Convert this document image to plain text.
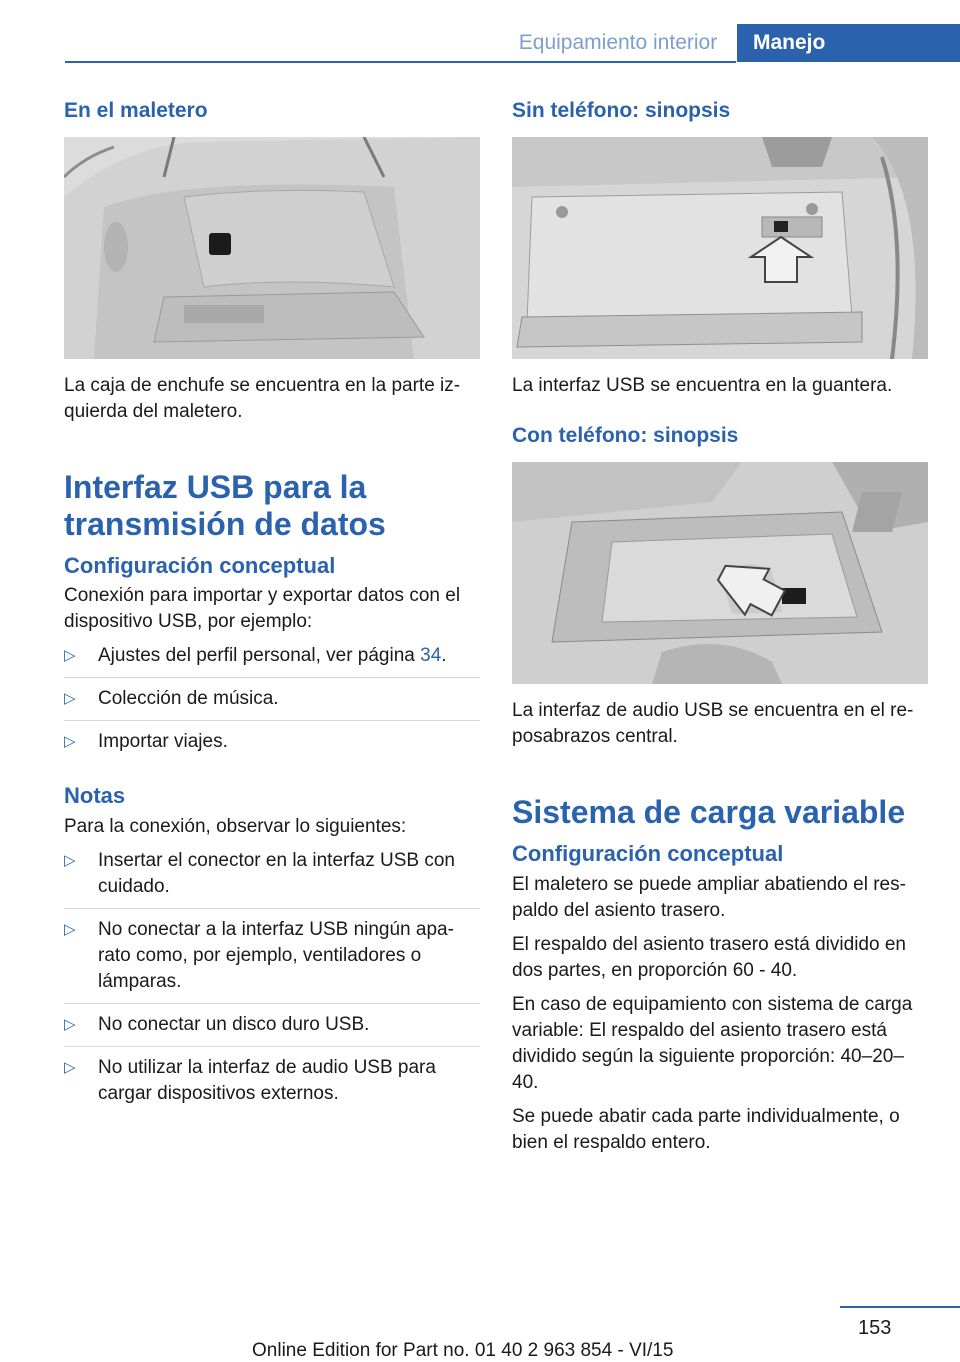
Equipamiento interior	Manejo
En el maletero

La caja de enchufe se encuentra en la parte iz-quierda del maletero.

Interfaz USB para la transmisión de datos
Configuración conceptual

Conexión para importar y exportar datos con el dispositivo USB, por ejemplo:

▷ Ajustes del perfil personal, ver página 34.
▷ Colección de música.
▷ Importar viajes.
Notas

Para la conexión, observar lo siguientes:

▷ Insertar el conector en la interfaz USB con cuidado.
▷ No conectar a la interfaz USB ningún apa-rato como, por ejemplo, ventiladores o lámparas.
▷ No conectar un disco duro USB.
▷ No utilizar la interfaz de audio USB para cargar dispositivos externos.
Sin teléfono: sinopsis

La interfaz USB se encuentra en la guantera.

Con teléfono: sinopsis

La interfaz de audio USB se encuentra en el re-posabrazos central.

Sistema de carga variable
Configuración conceptual

El maletero se puede ampliar abatiendo el res-paldo del asiento trasero.

El respaldo del asiento trasero está dividido en dos partes, en proporción 60 - 40.

En caso de equipamiento con sistema de carga variable: El respaldo del asiento trasero está dividido según la siguiente proporción: 40–20–40.

Se puede abatir cada parte individualmente, o bien el respaldo entero.

153
Online Edition for Part no. 01 40 2 963 854 - VI/15
